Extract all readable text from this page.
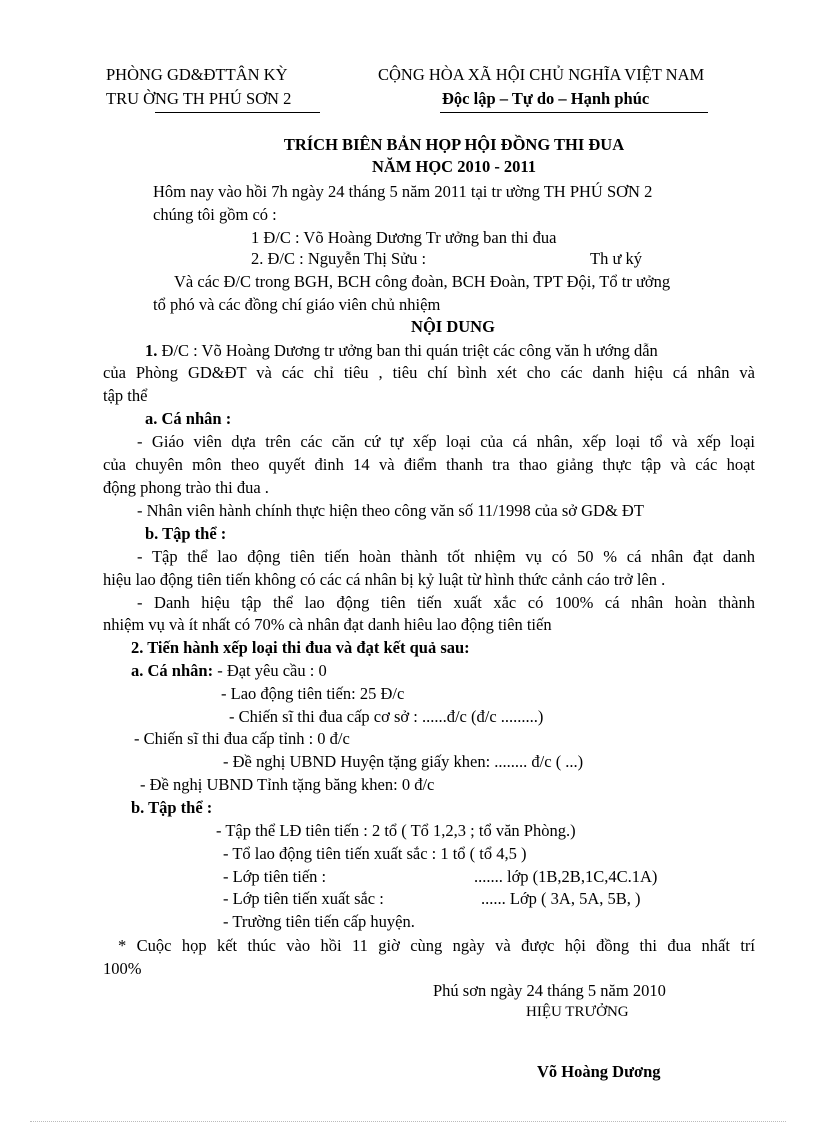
PHÒNG GD&ĐTTÂN KỲ
TRU ỜNG TH PHÚ SƠN 2
CỘNG HÒA XÃ HỘI CHỦ NGHĨA VIỆT NAM
Độc lập – Tự do – Hạnh phúc
TRÍCH BIÊN BẢN HỌP HỘI ĐỒNG THI ĐUA
NĂM HỌC 2010 - 2011
Hôm nay vào hồi 7h ngày 24 tháng 5 năm 2011 tại tr ường TH PHÚ SƠN 2
chúng tôi gồm có :
1 Đ/C : Võ Hoàng Dương Tr ưởng ban thi đua
2. Đ/C : Nguyễn Thị Sửu :	Th ư ký
Và các Đ/C trong BGH, BCH công đoàn, BCH Đoàn, TPT Đội, Tổ tr ưởng
tổ phó và các đồng chí giáo viên chủ nhiệm
NỘI DUNG
1. Đ/C : Võ Hoàng Dương tr ưởng ban thi quán triệt các công văn h ướng dẫn
của Phòng GD&ĐT và các chỉ tiêu , tiêu chí bình xét cho các danh hiệu cá nhân và
tập thể
a. Cá nhân :
- Giáo viên dựa trên các căn cứ tự xếp loại của cá nhân, xếp loại tổ và xếp loại
của chuyên môn theo quyết đinh 14 và điểm thanh tra thao giảng thực tập và các hoạt
động phong trào thi đua .
- Nhân viên hành chính thực hiện theo công văn số 11/1998 của sở GD& ĐT
b. Tập thể :
- Tập thể lao động tiên tiến hoàn thành tốt nhiệm vụ có 50 % cá nhân đạt danh
hiệu lao động tiên tiến không có các cá nhân bị kỷ luật từ hình thức cảnh cáo trở lên .
- Danh hiệu tập thể lao động tiên tiến xuất xắc có 100% cá nhân hoàn thành
nhiệm vụ và ít nhất có 70% cà nhân đạt danh hiêu lao động tiên tiến
2. Tiến hành xếp loại thi đua và đạt kết quả sau:
a. Cá nhân: - Đạt yêu cầu : 0
- Lao động tiên tiến: 25 Đ/c
- Chiến sĩ thi đua cấp cơ sở : ......đ/c (đ/c .........)
- Chiến sĩ thi đua cấp tỉnh : 0 đ/c
- Đề nghị UBND Huyện tặng giấy khen: ........ đ/c ( ...)
- Đề nghị UBND Tỉnh tặng băng khen: 0 đ/c
b. Tập thể :
- Tập thể LĐ tiên tiến : 2 tổ ( Tổ 1,2,3 ; tổ văn Phòng.)
- Tổ lao động tiên tiến xuất sắc : 1 tổ ( tổ 4,5 )
- Lớp tiên tiến :	....... lớp (1B,2B,1C,4C.1A)
- Lớp tiên tiến xuất sắc :	...... Lớp ( 3A, 5A, 5B, )
- Trường tiên tiến cấp huyện.
* Cuộc họp kết thúc vào hồi 11 giờ cùng ngày và được hội đồng thi đua nhất trí
100%
Phú sơn ngày 24 tháng 5 năm 2010
HIỆU TRƯỞNG
Võ Hoàng Dương
